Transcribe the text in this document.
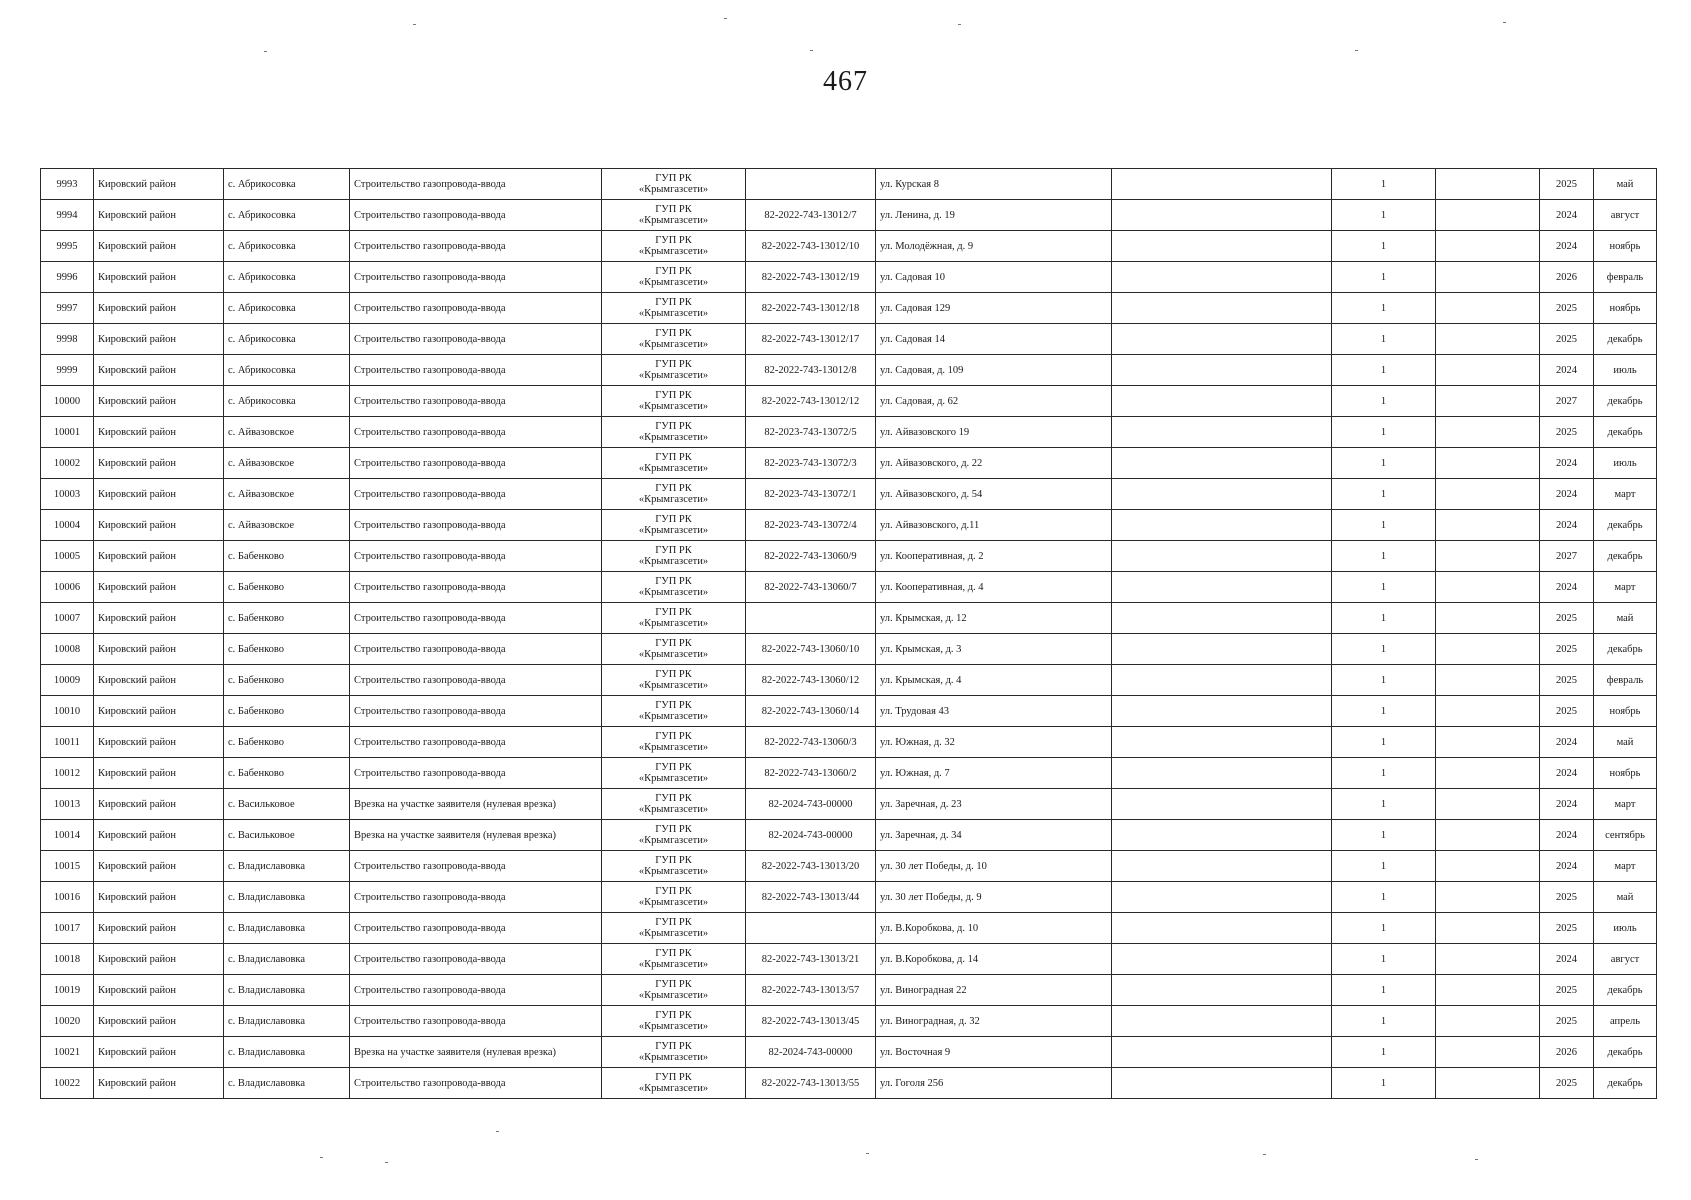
467
9993	Кировский район	с. Абрикосовка	Строительство газопровода-ввода	ГУП РК
«Крымгазсети»		ул. Курская 8		1		2025	май
9994	Кировский район	с. Абрикосовка	Строительство газопровода-ввода	ГУП РК
«Крымгазсети»	82-2022-743-13012/7	ул. Ленина, д. 19		1		2024	август
9995	Кировский район	с. Абрикосовка	Строительство газопровода-ввода	ГУП РК
«Крымгазсети»	82-2022-743-13012/10	ул. Молодёжная, д. 9		1		2024	ноябрь
9996	Кировский район	с. Абрикосовка	Строительство газопровода-ввода	ГУП РК
«Крымгазсети»	82-2022-743-13012/19	ул. Садовая 10		1		2026	февраль
9997	Кировский район	с. Абрикосовка	Строительство газопровода-ввода	ГУП РК
«Крымгазсети»	82-2022-743-13012/18	ул. Садовая 129		1		2025	ноябрь
9998	Кировский район	с. Абрикосовка	Строительство газопровода-ввода	ГУП РК
«Крымгазсети»	82-2022-743-13012/17	ул. Садовая 14		1		2025	декабрь
9999	Кировский район	с. Абрикосовка	Строительство газопровода-ввода	ГУП РК
«Крымгазсети»	82-2022-743-13012/8	ул. Садовая, д. 109		1		2024	июль
10000	Кировский район	с. Абрикосовка	Строительство газопровода-ввода	ГУП РК
«Крымгазсети»	82-2022-743-13012/12	ул. Садовая, д. 62		1		2027	декабрь
10001	Кировский район	с. Айвазовское	Строительство газопровода-ввода	ГУП РК
«Крымгазсети»	82-2023-743-13072/5	ул. Айвазовского 19		1		2025	декабрь
10002	Кировский район	с. Айвазовское	Строительство газопровода-ввода	ГУП РК
«Крымгазсети»	82-2023-743-13072/3	ул. Айвазовского, д. 22		1		2024	июль
10003	Кировский район	с. Айвазовское	Строительство газопровода-ввода	ГУП РК
«Крымгазсети»	82-2023-743-13072/1	ул. Айвазовского, д. 54		1		2024	март
10004	Кировский район	с. Айвазовское	Строительство газопровода-ввода	ГУП РК
«Крымгазсети»	82-2023-743-13072/4	ул. Айвазовского, д.11		1		2024	декабрь
10005	Кировский район	с. Бабенково	Строительство газопровода-ввода	ГУП РК
«Крымгазсети»	82-2022-743-13060/9	ул. Кооперативная, д. 2		1		2027	декабрь
10006	Кировский район	с. Бабенково	Строительство газопровода-ввода	ГУП РК
«Крымгазсети»	82-2022-743-13060/7	ул. Кооперативная, д. 4		1		2024	март
10007	Кировский район	с. Бабенково	Строительство газопровода-ввода	ГУП РК
«Крымгазсети»		ул. Крымская, д. 12		1		2025	май
10008	Кировский район	с. Бабенково	Строительство газопровода-ввода	ГУП РК
«Крымгазсети»	82-2022-743-13060/10	ул. Крымская, д. 3		1		2025	декабрь
10009	Кировский район	с. Бабенково	Строительство газопровода-ввода	ГУП РК
«Крымгазсети»	82-2022-743-13060/12	ул. Крымская, д. 4		1		2025	февраль
10010	Кировский район	с. Бабенково	Строительство газопровода-ввода	ГУП РК
«Крымгазсети»	82-2022-743-13060/14	ул. Трудовая 43		1		2025	ноябрь
10011	Кировский район	с. Бабенково	Строительство газопровода-ввода	ГУП РК
«Крымгазсети»	82-2022-743-13060/3	ул. Южная, д. 32		1		2024	май
10012	Кировский район	с. Бабенково	Строительство газопровода-ввода	ГУП РК
«Крымгазсети»	82-2022-743-13060/2	ул. Южная, д. 7		1		2024	ноябрь
10013	Кировский район	с. Васильковое	Врезка на участке заявителя (нулевая врезка)	ГУП РК
«Крымгазсети»	82-2024-743-00000	ул. Заречная, д. 23		1		2024	март
10014	Кировский район	с. Васильковое	Врезка на участке заявителя (нулевая врезка)	ГУП РК
«Крымгазсети»	82-2024-743-00000	ул. Заречная, д. 34		1		2024	сентябрь
10015	Кировский район	с. Владиславовка	Строительство газопровода-ввода	ГУП РК
«Крымгазсети»	82-2022-743-13013/20	ул. 30 лет Победы, д. 10		1		2024	март
10016	Кировский район	с. Владиславовка	Строительство газопровода-ввода	ГУП РК
«Крымгазсети»	82-2022-743-13013/44	ул. 30 лет Победы, д. 9		1		2025	май
10017	Кировский район	с. Владиславовка	Строительство газопровода-ввода	ГУП РК
«Крымгазсети»		ул. В.Коробкова, д. 10		1		2025	июль
10018	Кировский район	с. Владиславовка	Строительство газопровода-ввода	ГУП РК
«Крымгазсети»	82-2022-743-13013/21	ул. В.Коробкова, д. 14		1		2024	август
10019	Кировский район	с. Владиславовка	Строительство газопровода-ввода	ГУП РК
«Крымгазсети»	82-2022-743-13013/57	ул. Виноградная 22		1		2025	декабрь
10020	Кировский район	с. Владиславовка	Строительство газопровода-ввода	ГУП РК
«Крымгазсети»	82-2022-743-13013/45	ул. Виноградная, д. 32		1		2025	апрель
10021	Кировский район	с. Владиславовка	Врезка на участке заявителя (нулевая врезка)	ГУП РК
«Крымгазсети»	82-2024-743-00000	ул. Восточная 9		1		2026	декабрь
10022	Кировский район	с. Владиславовка	Строительство газопровода-ввода	ГУП РК
«Крымгазсети»	82-2022-743-13013/55	ул. Гоголя 256		1		2025	декабрь
